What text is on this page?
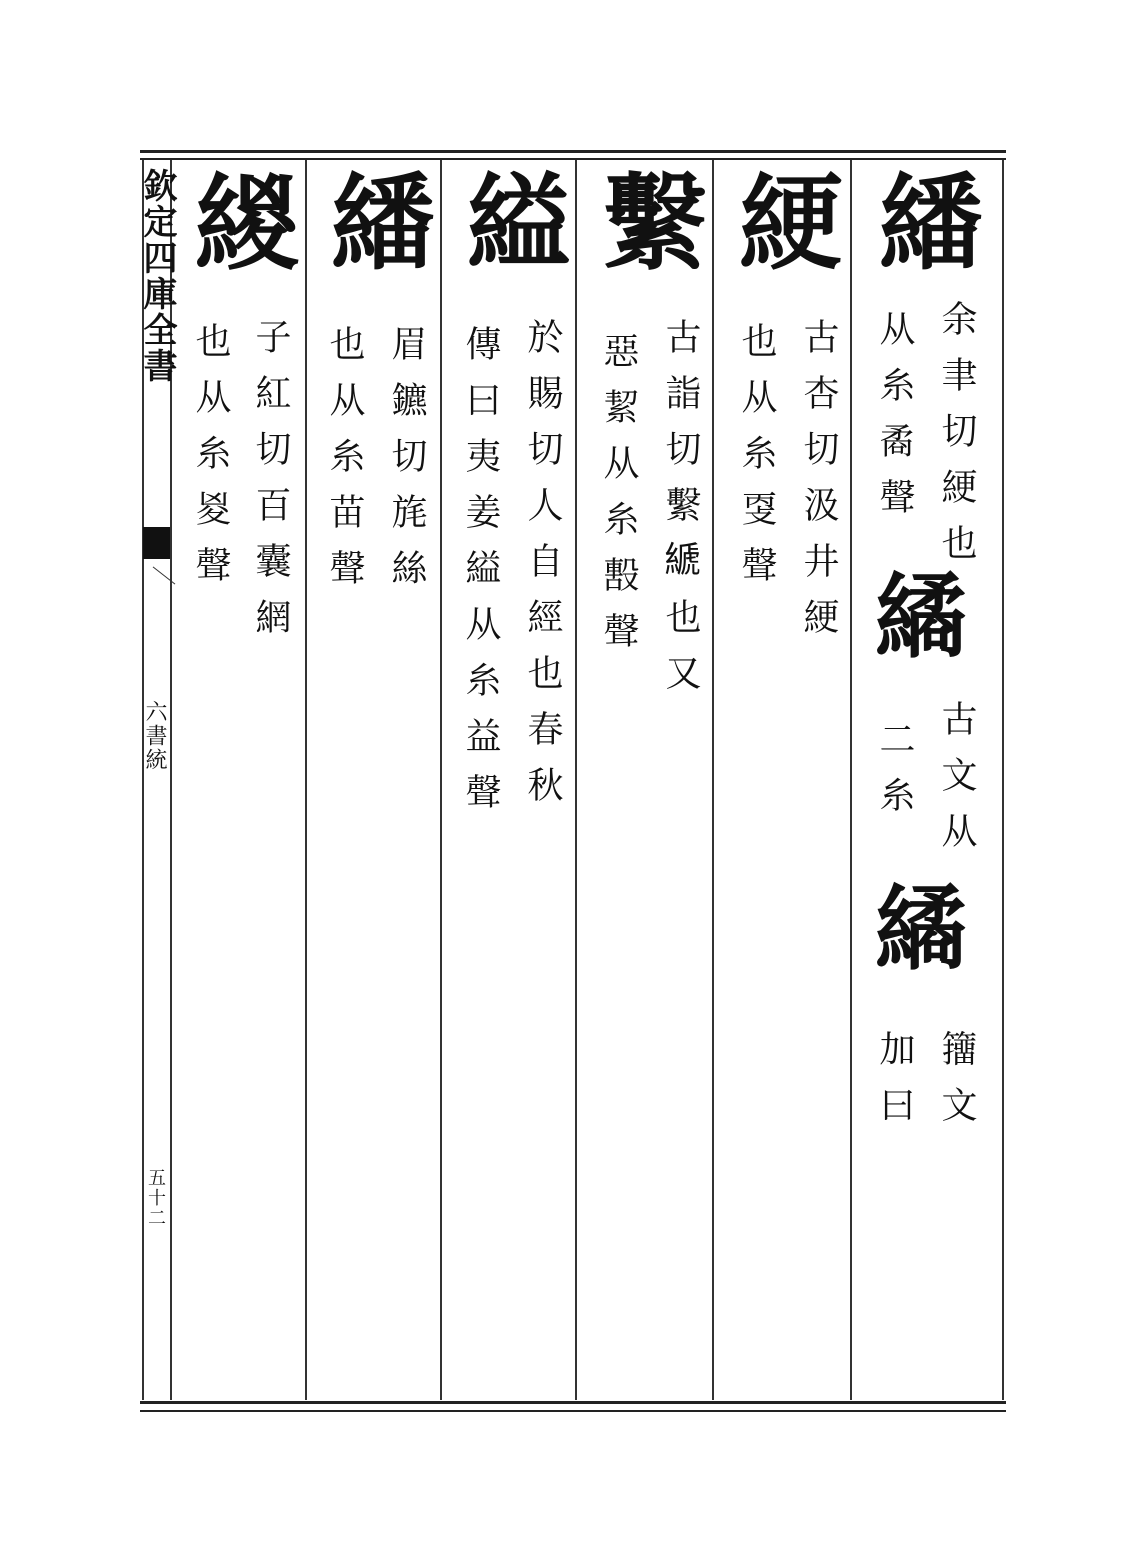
欽定四庫全書
六書統
五十二
繙
余聿切綆也
从糸矞聲
繘
古文从
二糸
繘
籒文
加曰
綆
古杏切汲井綆
也从糸㪅聲
繫
古詣切繫𦃇也又
惡絜从糸毄聲
縊
於賜切人自經也春秋
傳曰夷姜縊从糸益聲
繙
眉鑣切旄絲
也从糸苗聲
緵
子紅切百囊網
也从糸㚇聲
